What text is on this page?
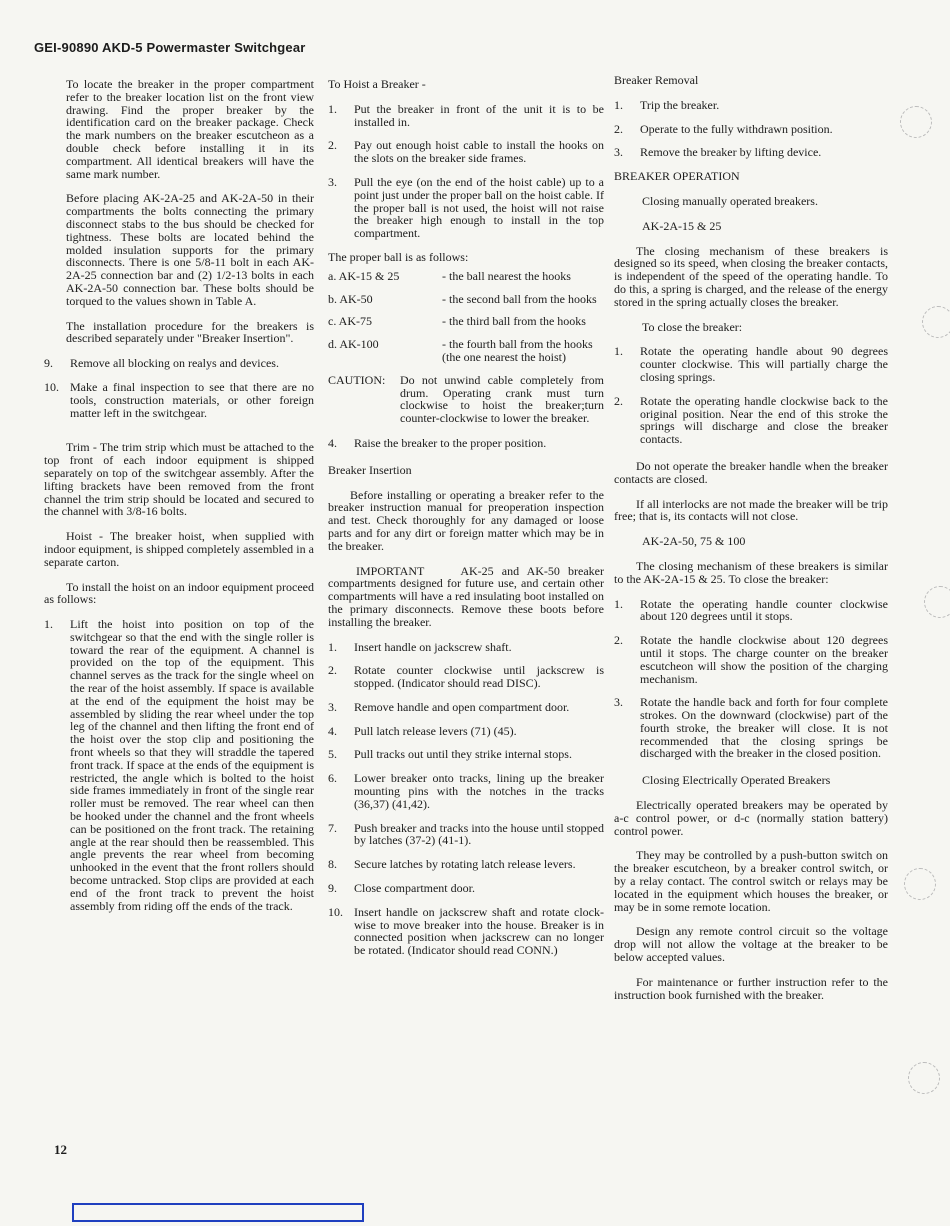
GEI-90890 AKD-5 Powermaster Switchgear

To locate the breaker in the proper compartment refer to the breaker location list on the front view drawing. Find the proper breaker by the identification card on the breaker package. Check the mark numbers on the breaker escutcheon as a double check before installing it in its compartment. All identical breakers will have the same mark number.

Before placing AK-2A-25 and AK-2A-50 in their compartments the bolts connecting the primary disconnect stabs to the bus should be checked for tightness. These bolts are located behind the molded insulation supports for the primary disconnects. There is one 5/8-11 bolt in each AK-2A-25 connection bar and (2) 1/2-13 bolts in each AK-2A-50 connection bar. These bolts should be torqued to the values shown in Table A.

The installation procedure for the breakers is described separately under "Breaker Insertion".

9.	Remove all blocking on realys and devices.
10. Make a final inspection to see that there are no tools, construction materials, or other foreign matter left in the switchgear.

Trim - The trim strip which must be attached to the top front of each indoor equipment is shipped separately on top of the switchgear assembly. After the lifting brackets have been removed from the front channel the trim strip should be located and secured to the channel with 3/8-16 bolts.

Hoist - The breaker hoist, when supplied with indoor equipment, is shipped completely assembled in a separate carton.

To install the hoist on an indoor equipment proceed as follows:

1.	Lift the hoist into position on top of the switchgear so that the end with the single roller is toward the rear of the equipment. A channel is provided on the top of the equipment. This channel serves as the track for the single wheel on the rear of the hoist assembly. If space is available at the end of the equipment the hoist may be assembled by sliding the rear wheel under the top leg of the channel and then lifting the front end of the hoist over the stop clip and positioning the front wheels so that they will straddle the tapered front track. If space at the ends of the equipment is restricted, the angle which is bolted to the hoist side frames immediately in front of the single rear roller must be removed. The rear wheel can then be hooked under the channel and the front wheels can be positioned on the front track. The retaining angle at the rear should then be reassembled. This angle prevents the rear wheel from becoming unhooked in the event that the front rollers should become untracked. Stop clips are provided at each end of the front track to prevent the hoist assembly from riding off the ends of the track.

To Hoist a Breaker -

1.	Put the breaker in front of the unit it is to be installed in.
2.	Pay out enough hoist cable to install the hooks on the slots on the breaker side frames.
3.	Pull the eye (on the end of the hoist cable) up to a point just under the proper ball on the hoist cable. If the proper ball is not used, the hoist will not raise the breaker high enough to install in the top compartment.

The proper ball is as follows:

a. AK-15 & 25	- the ball nearest the hooks
b. AK-50	- the second ball from the hooks
c. AK-75	- the third ball from the hooks
d. AK-100	- the fourth ball from the hooks (the one nearest the hoist)
CAUTION:	Do not unwind cable completely from drum. Operating crank must turn clockwise to hoist the breaker;turn counter-clockwise to lower the breaker.
4.	Raise the breaker to the proper position.

Breaker Insertion

Before installing or operating a breaker refer to the breaker instruction manual for preoperation inspection and test. Check thoroughly for any damaged or loose parts and for any dirt or foreign matter which may be in the breaker.

IMPORTANT	AK-25 and AK-50 breaker compartments designed for future use, and certain other compartments will have a red insulating boot installed on the primary disconnects. Remove these boots before installing the breaker.

1.	Insert handle on jackscrew shaft.
2.	Rotate counter clockwise until jackscrew is stopped. (Indicator should read DISC).
3.	Remove handle and open compartment door.
4.	Pull latch release levers (71) (45).
5.	Pull tracks out until they strike internal stops.
6.	Lower breaker onto tracks, lining up the breaker mounting pins with the notches in the tracks (36,37) (41,42).
7.	Push breaker and tracks into the house until stopped by latches (37-2) (41-1).
8.	Secure latches by rotating latch release levers.
9.	Close compartment door.
10. Insert handle on jackscrew shaft and rotate clock-wise to move breaker into the house. Breaker is in connected position when jackscrew can no longer be rotated. (Indicator should read CONN.)

Breaker Removal

1.	Trip the breaker.
2.	Operate to the fully withdrawn position.
3.	Remove the breaker by lifting device.

BREAKER OPERATION

Closing manually operated breakers.

AK-2A-15 & 25

The closing mechanism of these breakers is designed so its speed, when closing the breaker contacts, is independent of the speed of the operating handle. To do this, a spring is charged, and the release of the energy stored in the spring actually closes the breaker.

To close the breaker:

1.	Rotate the operating handle about 90 degrees counter clockwise. This will partially charge the closing springs.
2.	Rotate the operating handle clockwise back to the original position. Near the end of this stroke the springs will discharge and close the breaker contacts.

Do not operate the breaker handle when the breaker contacts are closed.

If all interlocks are not made the breaker will be trip free; that is, its contacts will not close.

AK-2A-50, 75 & 100

The closing mechanism of these breakers is similar to the AK-2A-15 & 25. To close the breaker:

1.	Rotate the operating handle counter clockwise about 120 degrees until it stops.
2.	Rotate the handle clockwise about 120 degrees until it stops. The charge counter on the breaker escutcheon will show the position of the charging mechanism.
3.	Rotate the handle back and forth for four complete strokes. On the downward (clockwise) part of the fourth stroke, the breaker will close. It is not recommended that the closing springs be discharged with the breaker in the closed position.

Closing Electrically Operated Breakers

Electrically operated breakers may be operated by a-c control power, or d-c (normally station battery) control power.

They may be controlled by a push-button switch on the breaker escutcheon, by a breaker control switch, or by a relay contact. The control switch or relays may be located in the equipment which houses the breaker, or may be in some remote location.

Design any remote control circuit so the voltage drop will not allow the voltage at the breaker to be below accepted values.

For maintenance or further instruction refer to the instruction book furnished with the breaker.

12
